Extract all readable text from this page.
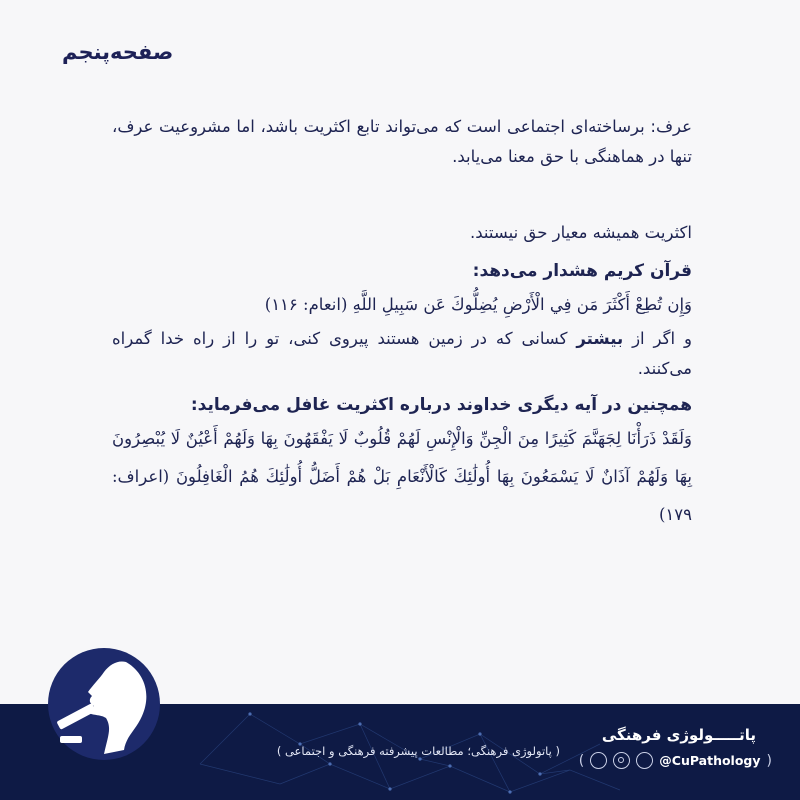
صفحه‌پنجم

عرف: برساخته‌ای اجتماعی است که می‌تواند تابع اکثریت باشد، اما مشروعیت عرف، تنها در هماهنگی با حق معنا می‌یابد.

اکثریت همیشه معیار حق نیستند.

قرآن کریم هشدار می‌دهد:

وَإِن تُطِعْ أَكْثَرَ مَن فِي الْأَرْضِ يُضِلُّوكَ عَن سَبِيلِ اللَّهِ (انعام: ۱۱۶)

و اگر از بیشتر کسانی که در زمین هستند پیروی کنی، تو را از راه خدا گمراه می‌کنند.

همچنین در آیه دیگری خداوند درباره اکثریت غافل می‌فرماید:

وَلَقَدْ ذَرَأْنَا لِجَهَنَّمَ كَثِيرًا مِنَ الْجِنِّ وَالْإِنْسِ لَهُمْ قُلُوبٌ لَا يَفْقَهُونَ بِهَا وَلَهُمْ أَعْيُنٌ لَا يُبْصِرُونَ بِهَا وَلَهُمْ آذَانٌ لَا يَسْمَعُونَ بِهَا أُولَٰئِكَ كَالْأَنْعَامِ بَلْ هُمْ أَضَلُّ أُولَٰئِكَ هُمُ الْغَافِلُونَ (اعراف: ۱۷۹)

( پاتولوژی فرهنگی؛ مطالعات پیشرفته فرهنگی و اجتماعی )
پاتـــــولوژی فرهنگی
(	@CuPathology )
